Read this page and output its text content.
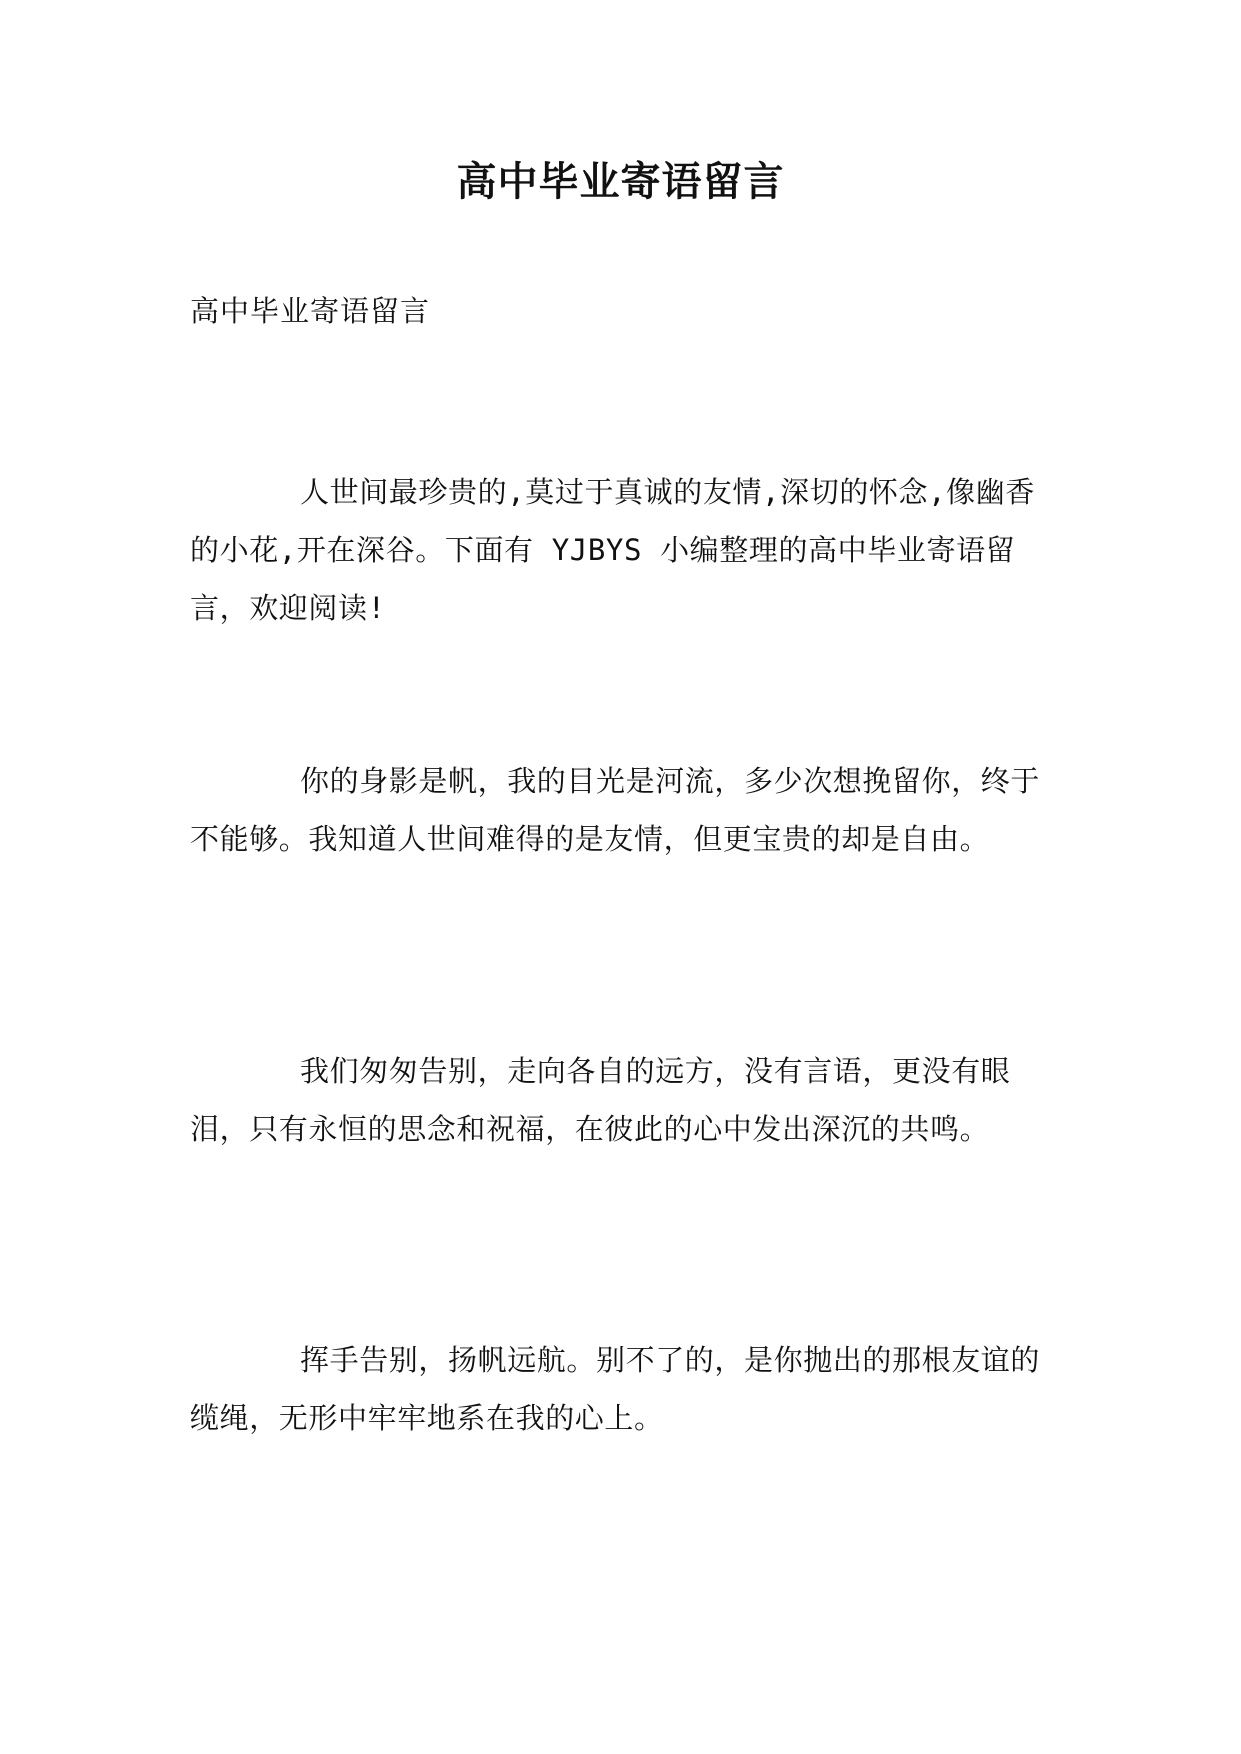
高中毕业寄语留言

高中毕业寄语留言

人世间最珍贵的,莫过于真诚的友情,深切的怀念,像幽香的小花,开在深谷。下面有 YJBYS 小编整理的高中毕业寄语留言，欢迎阅读!

你的身影是帆，我的目光是河流，多少次想挽留你，终于不能够。我知道人世间难得的是友情，但更宝贵的却是自由。

我们匆匆告别，走向各自的远方，没有言语，更没有眼泪，只有永恒的思念和祝福，在彼此的心中发出深沉的共鸣。

挥手告别，扬帆远航。别不了的，是你抛出的那根友谊的缆绳，无形中牢牢地系在我的心上。
